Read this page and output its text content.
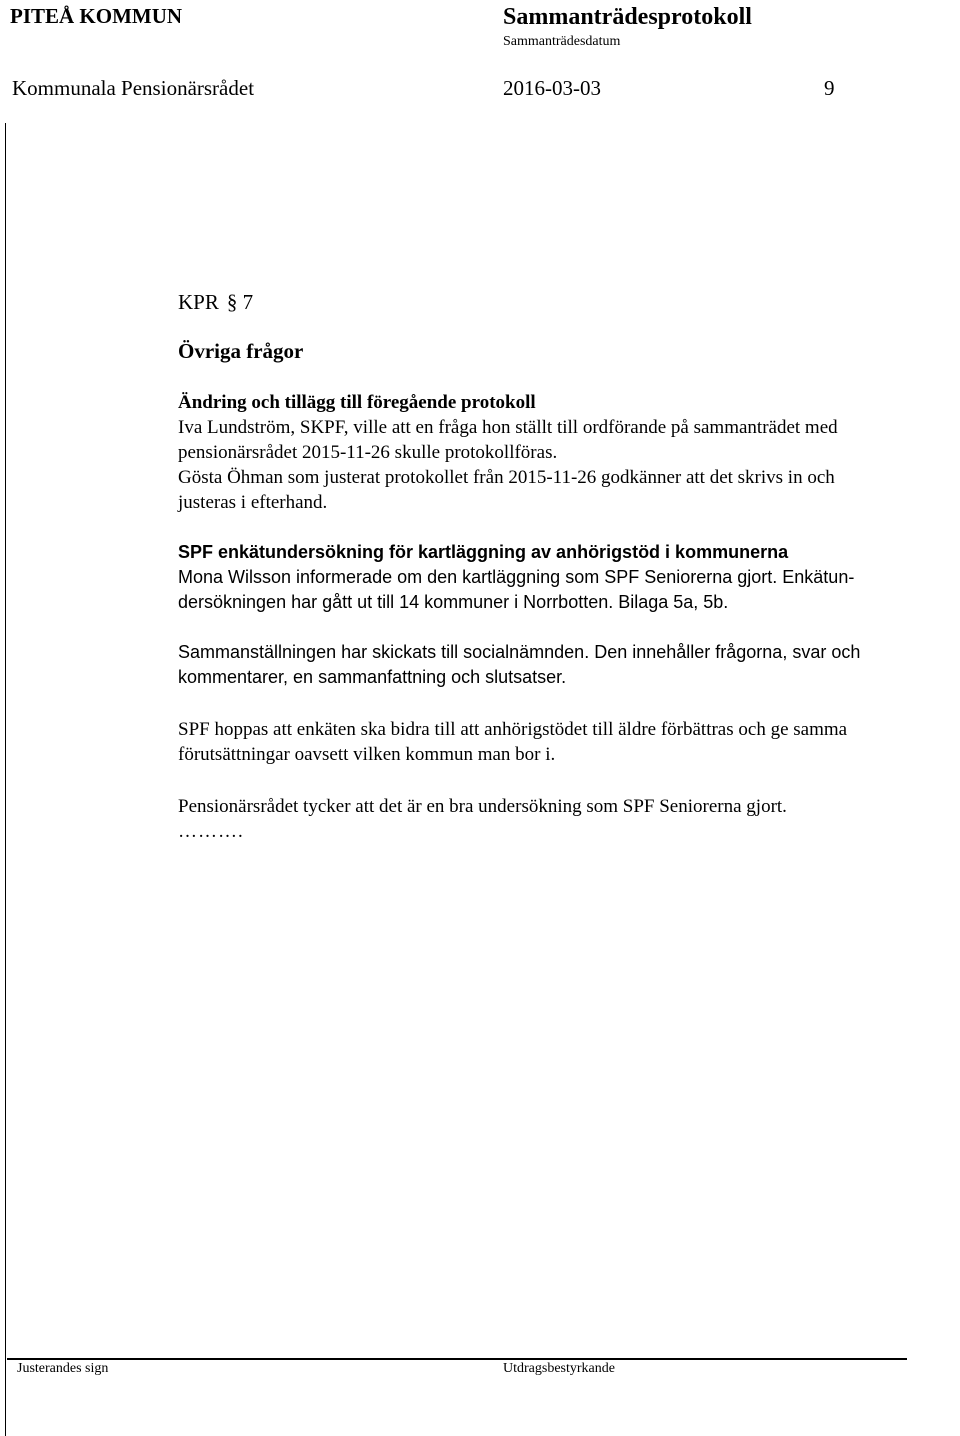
PITEÅ KOMMUN	Sammanträdesprotokoll
Sammanträdesdatum
Kommunala Pensionärsrådet	2016-03-03	9

KPR § 7

Övriga frågor

Ändring och tillägg till föregående protokoll

Iva Lundström, SKPF, ville att en fråga hon ställt till ordförande på sammanträdet med

pensionärsrådet 2015-11-26 skulle protokollföras.

Gösta Öhman som justerat protokollet från 2015-11-26 godkänner att det skrivs in och

justeras i efterhand.

SPF enkätundersökning för kartläggning av anhörigstöd i kommunerna

Mona Wilsson informerade om den kartläggning som SPF Seniorerna gjort. Enkätun-

dersökningen har gått ut till 14 kommuner i Norrbotten. Bilaga 5a, 5b.

Sammanställningen har skickats till socialnämnden. Den innehåller frågorna, svar och

kommentarer, en sammanfattning och slutsatser.

SPF hoppas att enkäten ska bidra till att anhörigstödet till äldre förbättras och ge samma

förutsättningar oavsett vilken kommun man bor i.

Pensionärsrådet tycker att det är en bra undersökning som SPF Seniorerna gjort.

……….

Justerandes sign	Utdragsbestyrkande
